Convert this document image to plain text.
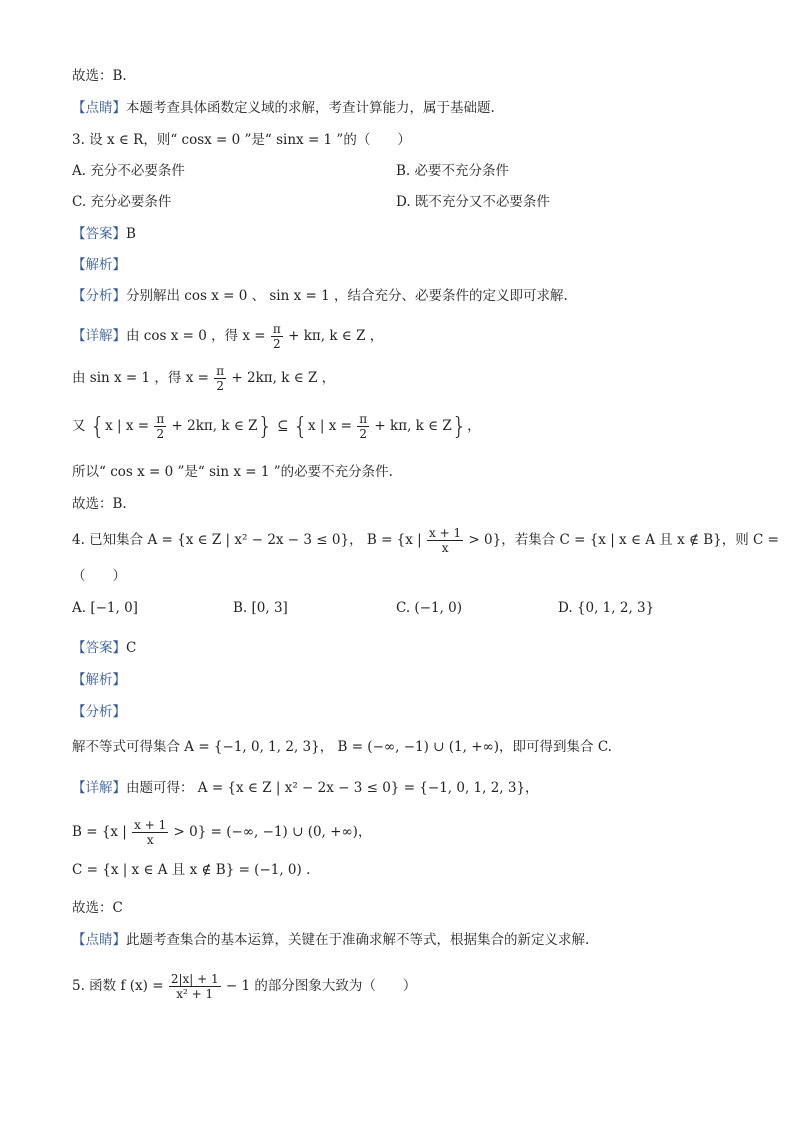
故选：B.
【点睛】本题考查具体函数定义域的求解，考查计算能力，属于基础题.
3. 设 x ∈ R，则“ cosx = 0 ”是“ sinx = 1 ”的（　　）
A. 充分不必要条件	B. 必要不充分条件
C. 充分必要条件	D. 既不充分又不必要条件
【答案】B
【解析】
【分析】分别解出 cos x = 0 、 sin x = 1 ，结合充分、必要条件的定义即可求解.
【详解】由 cos x = 0 ，得 $x = \frac{\pi}{2} + k\pi$, k ∈ Z ，
由 sin x = 1 ，得 $x = \frac{\pi}{2} + 2k\pi$, k ∈ Z ，
又 {x | $x = \frac{\pi}{2} + 2k\pi$, k ∈ Z} ⊆ {x | $x = \frac{\pi}{2} + k\pi$, k ∈ Z}，
所以“ cos x = 0 ”是“ sin x = 1 ”的必要不充分条件.
故选：B.
4. 已知集合 A = {x ∈ Z | x² − 2x − 3 ≤ 0}， B = {x | $\frac{x + 1}{x} > 0$}，若集合 C = {x | x ∈ A 且 x ∉ B}，则 C =
（　　）
A. [−1, 0]	B. [0, 3]	C. (−1, 0)	D. {0, 1, 2, 3}
【答案】C
【解析】
【分析】
解不等式可得集合 A = {−1, 0, 1, 2, 3}， B = (−∞, −1) ∪ (1, +∞)，即可得到集合 C.
【详解】由题可得： A = {x ∈ Z | x² − 2x − 3 ≤ 0} = {−1, 0, 1, 2, 3}，
B = {x | $\frac{x + 1}{x} > 0$} = (−∞, −1) ∪ (0, +∞)，
C = {x | x ∈ A 且 x ∉ B} = (−1, 0) .
故选：C
【点睛】此题考查集合的基本运算，关键在于准确求解不等式，根据集合的新定义求解.
5. 函数 f $(x) = \frac{2|x| + 1}{\text{x² + 1}} - 1$ 的部分图象大致为（　　）
